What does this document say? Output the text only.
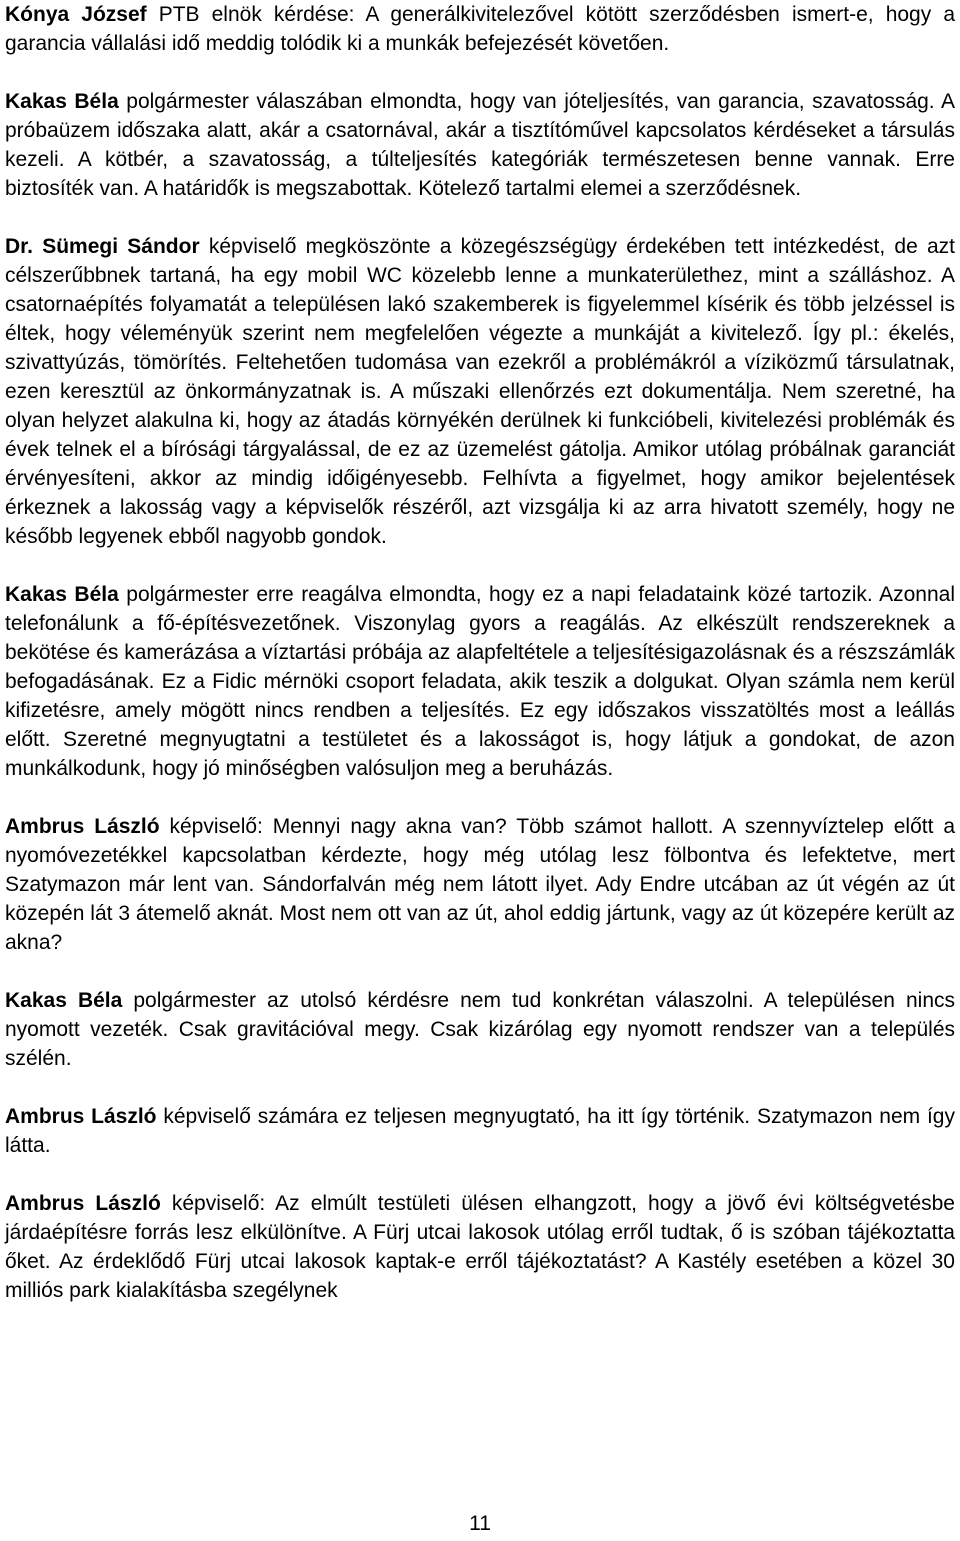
Kónya József PTB elnök kérdése: A generálkivitelezővel kötött szerződésben ismert-e, hogy a garancia vállalási idő meddig tolódik ki a munkák befejezését követően.

Kakas Béla polgármester válaszában elmondta, hogy van jóteljesítés, van garancia, szavatosság. A próbaüzem időszaka alatt, akár a csatornával, akár a tisztítóművel kapcsolatos kérdéseket a társulás kezeli. A kötbér, a szavatosság, a túlteljesítés kategóriák természetesen benne vannak. Erre biztosíték van. A határidők is megszabottak. Kötelező tartalmi elemei a szerződésnek.

Dr. Sümegi Sándor képviselő megköszönte a közegészségügy érdekében tett intézkedést, de azt célszerűbbnek tartaná, ha egy mobil WC közelebb lenne a munkaterülethez, mint a szálláshoz. A csatornaépítés folyamatát a településen lakó szakemberek is figyelemmel kísérik és több jelzéssel is éltek, hogy véleményük szerint nem megfelelően végezte a munkáját a kivitelező. Így pl.: ékelés, szivattyúzás, tömörítés. Feltehetően tudomása van ezekről a problémákról a víziközmű társulatnak, ezen keresztül az önkormányzatnak is. A műszaki ellenőrzés ezt dokumentálja. Nem szeretné, ha olyan helyzet alakulna ki, hogy az átadás környékén derülnek ki funkcióbeli, kivitelezési problémák és évek telnek el a bírósági tárgyalással, de ez az üzemelést gátolja. Amikor utólag próbálnak garanciát érvényesíteni, akkor az mindig időigényesebb. Felhívta a figyelmet, hogy amikor bejelentések érkeznek a lakosság vagy a képviselők részéről, azt vizsgálja ki az arra hivatott személy, hogy ne később legyenek ebből nagyobb gondok.

Kakas Béla polgármester erre reagálva elmondta, hogy ez a napi feladataink közé tartozik. Azonnal telefonálunk a fő-építésvezetőnek. Viszonylag gyors a reagálás. Az elkészült rendszereknek a bekötése és kamerázása a víztartási próbája az alapfeltétele a teljesítésigazolásnak és a részszámlák befogadásának. Ez a Fidic mérnöki csoport feladata, akik teszik a dolgukat. Olyan számla nem kerül kifizetésre, amely mögött nincs rendben a teljesítés. Ez egy időszakos visszatöltés most a leállás előtt. Szeretné megnyugtatni a testületet és a lakosságot is, hogy látjuk a gondokat, de azon munkálkodunk, hogy jó minőségben valósuljon meg a beruházás.

Ambrus László képviselő: Mennyi nagy akna van? Több számot hallott. A szennyvíztelep előtt a nyomóvezetékkel kapcsolatban kérdezte, hogy még utólag lesz fölbontva és lefektetve, mert Szatymazon már lent van. Sándorfalván még nem látott ilyet. Ady Endre utcában az út végén az út közepén lát 3 átemelő aknát. Most nem ott van az út, ahol eddig jártunk, vagy az út közepére került az akna?

Kakas Béla polgármester az utolsó kérdésre nem tud konkrétan válaszolni. A településen nincs nyomott vezeték. Csak gravitációval megy. Csak kizárólag egy nyomott rendszer van a település szélén.

Ambrus László képviselő számára ez teljesen megnyugtató, ha itt így történik. Szatymazon nem így látta.

Ambrus László képviselő: Az elmúlt testületi ülésen elhangzott, hogy a jövő évi költségvetésbe járdaépítésre forrás lesz elkülönítve. A Fürj utcai lakosok utólag erről tudtak, ő is szóban tájékoztatta őket. Az érdeklődő Fürj utcai lakosok kaptak-e erről tájékoztatást? A Kastély esetében a közel 30 milliós park kialakításba szegélynek

11
